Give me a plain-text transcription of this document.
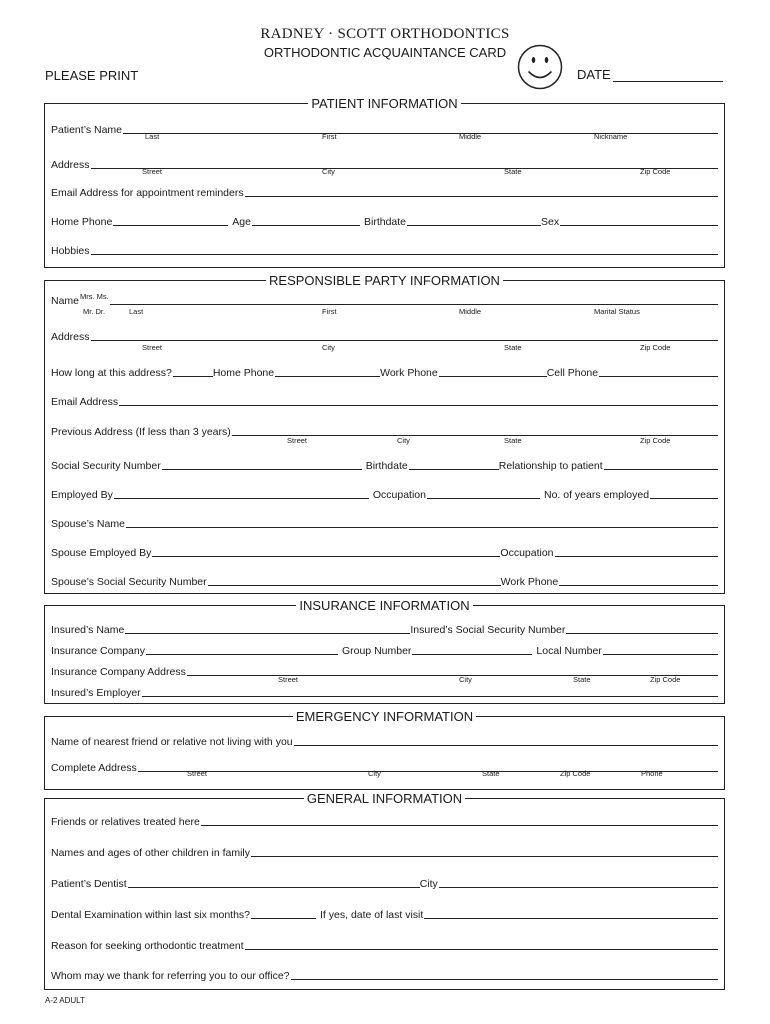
RADNEY · SCOTT ORTHODONTICS
ORTHODONTIC ACQUAINTANCE CARD
PLEASE PRINT	DATE
PATIENT INFORMATION
Patient’s Name
Last	First	Middle	Nickname
Address
Street	City	State	Zip Code
Email Address for appointment reminders
Home Phone	Age	Birthdate	Sex
Hobbies
RESPONSIBLE PARTY INFORMATION
Name Mrs. Ms.
Mr. Dr.	Last	First	Middle	Marital Status
Address
Street	City	State	Zip Code
How long at this address?	Home Phone	Work Phone	Cell Phone
Email Address
Previous Address (If less than 3 years)
Street	City	State	Zip Code
Social Security Number	Birthdate	Relationship to patient
Employed By	Occupation	No. of years employed
Spouse’s Name
Spouse Employed By	Occupation
Spouse’s Social Security Number	Work Phone
INSURANCE INFORMATION
Insured’s Name	Insured’s Social Security Number
Insurance Company	Group Number	Local Number
Insurance Company Address
Street	City	State	Zip Code
Insured’s Employer
EMERGENCY INFORMATION
Name of nearest friend or relative not living with you
Complete Address	Street	City	State	Zip Code	Phone
GENERAL INFORMATION
Friends or relatives treated here
Names and ages of other children in family
Patient’s Dentist	City
Dental Examination within last six months?	If yes, date of last visit
Reason for seeking orthodontic treatment
Whom may we thank for referring you to our office?
A-2 ADULT
